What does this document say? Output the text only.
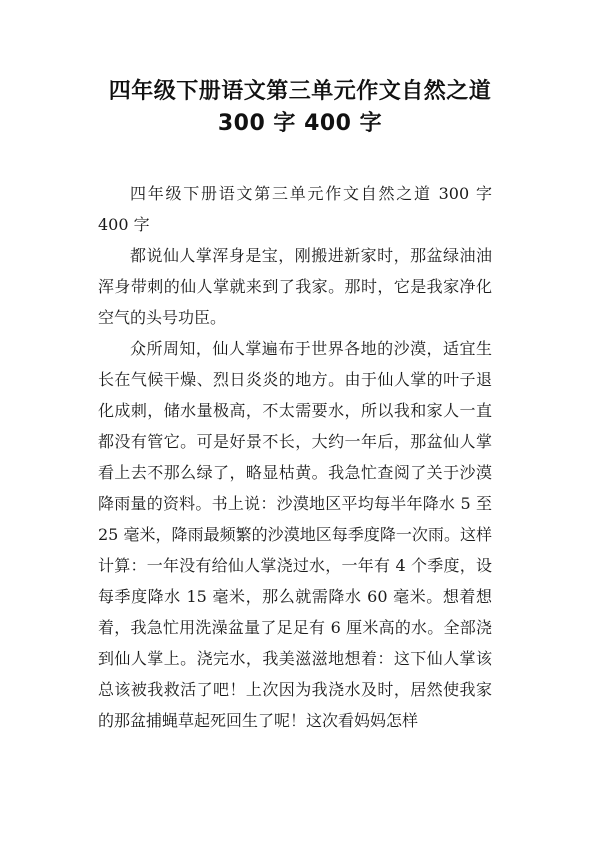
四年级下册语文第三单元作文自然之道 300 字 400 字

四年级下册语文第三单元作文自然之道 300 字 400 字

都说仙人掌浑身是宝，刚搬进新家时，那盆绿油油浑身带刺的仙人掌就来到了我家。那时，它是我家净化空气的头号功臣。

众所周知，仙人掌遍布于世界各地的沙漠，适宜生长在气候干燥、烈日炎炎的地方。由于仙人掌的叶子退化成刺，储水量极高，不太需要水，所以我和家人一直都没有管它。可是好景不长，大约一年后，那盆仙人掌看上去不那么绿了，略显枯黄。我急忙查阅了关于沙漠降雨量的资料。书上说：沙漠地区平均每半年降水 5 至 25 毫米，降雨最频繁的沙漠地区每季度降一次雨。这样计算：一年没有给仙人掌浇过水，一年有 4 个季度，设每季度降水 15 毫米，那么就需降水 60 毫米。想着想着，我急忙用洗澡盆量了足足有 6 厘米高的水。全部浇到仙人掌上。浇完水，我美滋滋地想着：这下仙人掌该总该被我救活了吧！上次因为我浇水及时，居然使我家的那盆捕蝇草起死回生了呢！这次看妈妈怎样
